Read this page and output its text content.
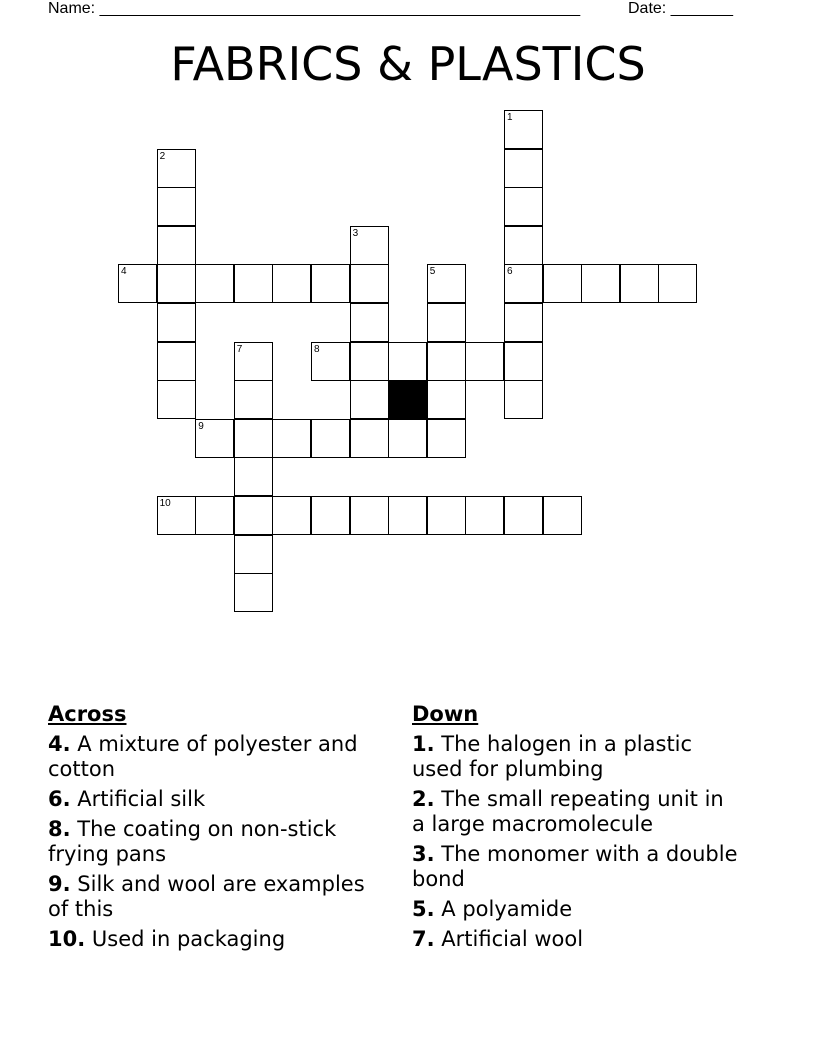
Name: ______________________________________________________	Date: _______
FABRICS & PLASTICS
1
2
3
4	5	6
7	8
9
10
Across
4. A mixture of polyester and cotton
6. Artificial silk
8. The coating on non-stick frying pans
9. Silk and wool are examples of this
10. Used in packaging
Down
1. The halogen in a plastic used for plumbing
2. The small repeating unit in a large macromolecule
3. The monomer with a double bond
5. A polyamide
7. Artificial wool
